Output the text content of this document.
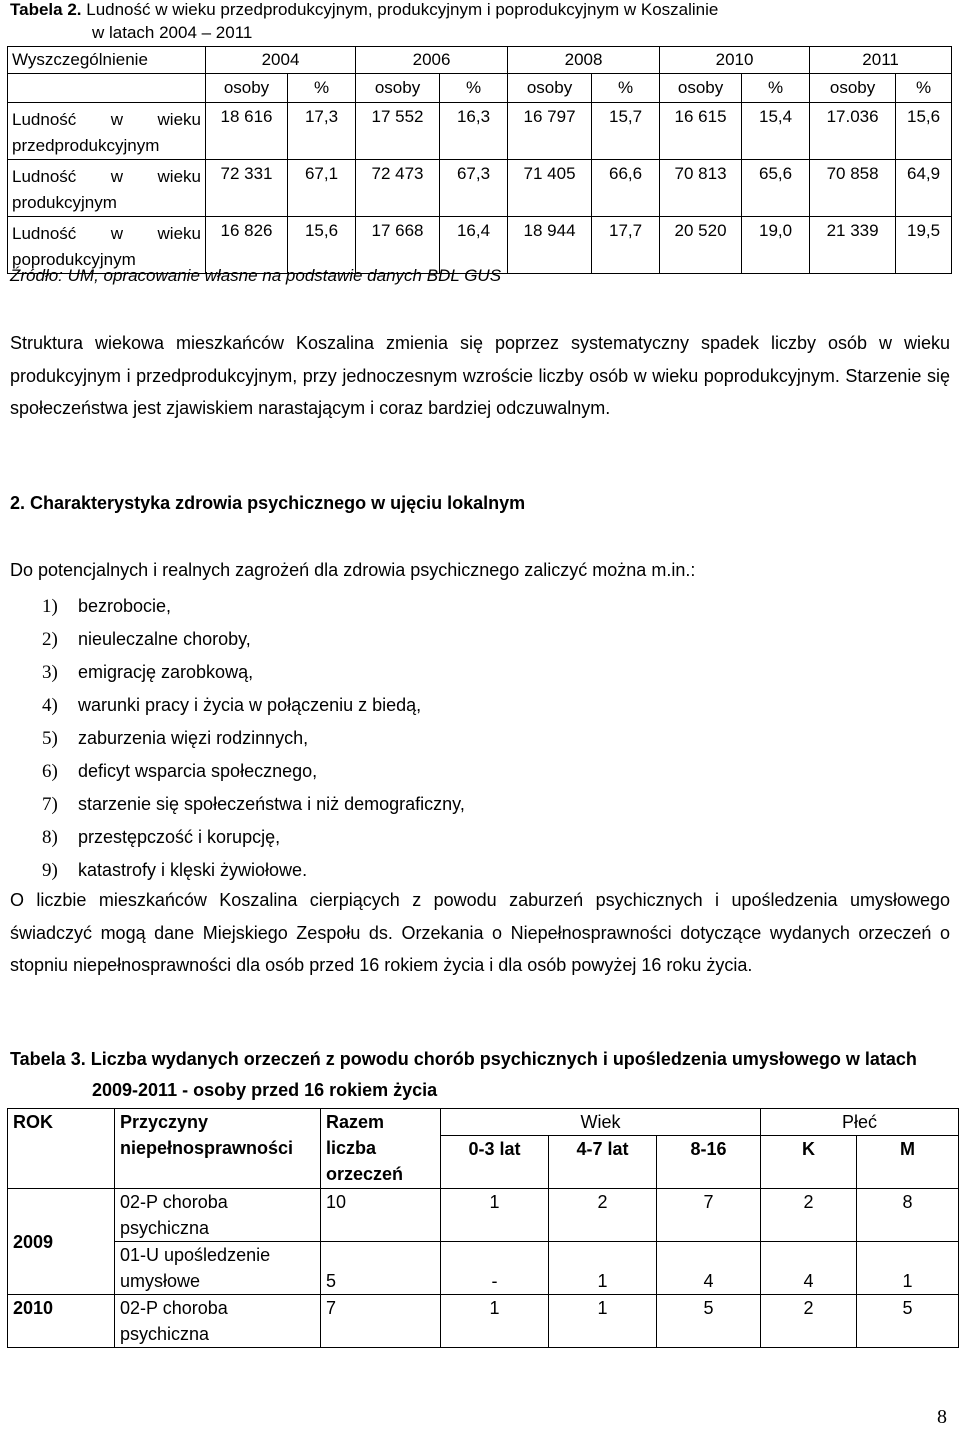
Tabela 2. Ludność w wieku przedprodukcyjnym, produkcyjnym i poprodukcyjnym w Koszalinie
w latach 2004 – 2011
Wyszczególnienie	2004		2006		2008		2010		2011	
	osoby	%	osoby	%	osoby	%	osoby	%	osoby	%
Ludność w wieku przedprodukcyjnym	18 616	17,3	17 552	16,3	16 797	15,7	16 615	15,4	17.036	15,6
Ludność w wieku produkcyjnym	72 331	67,1	72 473	67,3	71 405	66,6	70 813	65,6	70 858	64,9
Ludność w wieku poprodukcyjnym	16 826	15,6	17 668	16,4	18 944	17,7	20 520	19,0	21 339	19,5
Źródło: UM, opracowanie własne na podstawie danych BDL GUS
Struktura wiekowa mieszkańców Koszalina zmienia się poprzez systematyczny spadek liczby osób w wieku produkcyjnym i przedprodukcyjnym, przy jednoczesnym wzroście liczby osób w wieku poprodukcyjnym. Starzenie się społeczeństwa jest zjawiskiem narastającym i coraz bardziej odczuwalnym.
2. Charakterystyka zdrowia psychicznego w ujęciu lokalnym
Do potencjalnych i realnych zagrożeń dla zdrowia psychicznego zaliczyć można m.in.:
1) bezrobocie,
2) nieuleczalne choroby,
3) emigrację zarobkową,
4) warunki pracy i życia w połączeniu z biedą,
5) zaburzenia więzi rodzinnych,
6) deficyt wsparcia społecznego,
7) starzenie się społeczeństwa i niż demograficzny,
8) przestępczość i korupcję,
9) katastrofy i klęski żywiołowe.
O liczbie mieszkańców Koszalina cierpiących z powodu zaburzeń psychicznych i upośledzenia umysłowego świadczyć mogą dane Miejskiego Zespołu ds. Orzekania o Niepełnosprawności dotyczące wydanych orzeczeń o stopniu niepełnosprawności dla osób przed 16 rokiem życia i dla osób powyżej 16 roku życia.
Tabela 3. Liczba wydanych orzeczeń z powodu chorób psychicznych i upośledzenia umysłowego w latach
2009-2011 - osoby przed 16 rokiem życia
ROK	Przyczyny niepełnosprawności	Razem liczba orzeczeń	Wiek			Płeć	
			0-3 lat	4-7 lat	8-16	K	M
2009	02-P choroba psychiczna	10	1	2	7	2	8
	01-U upośledzenie umysłowe	5	-	1	4	4	1
2010	02-P choroba psychiczna	7	1	1	5	2	5
8
